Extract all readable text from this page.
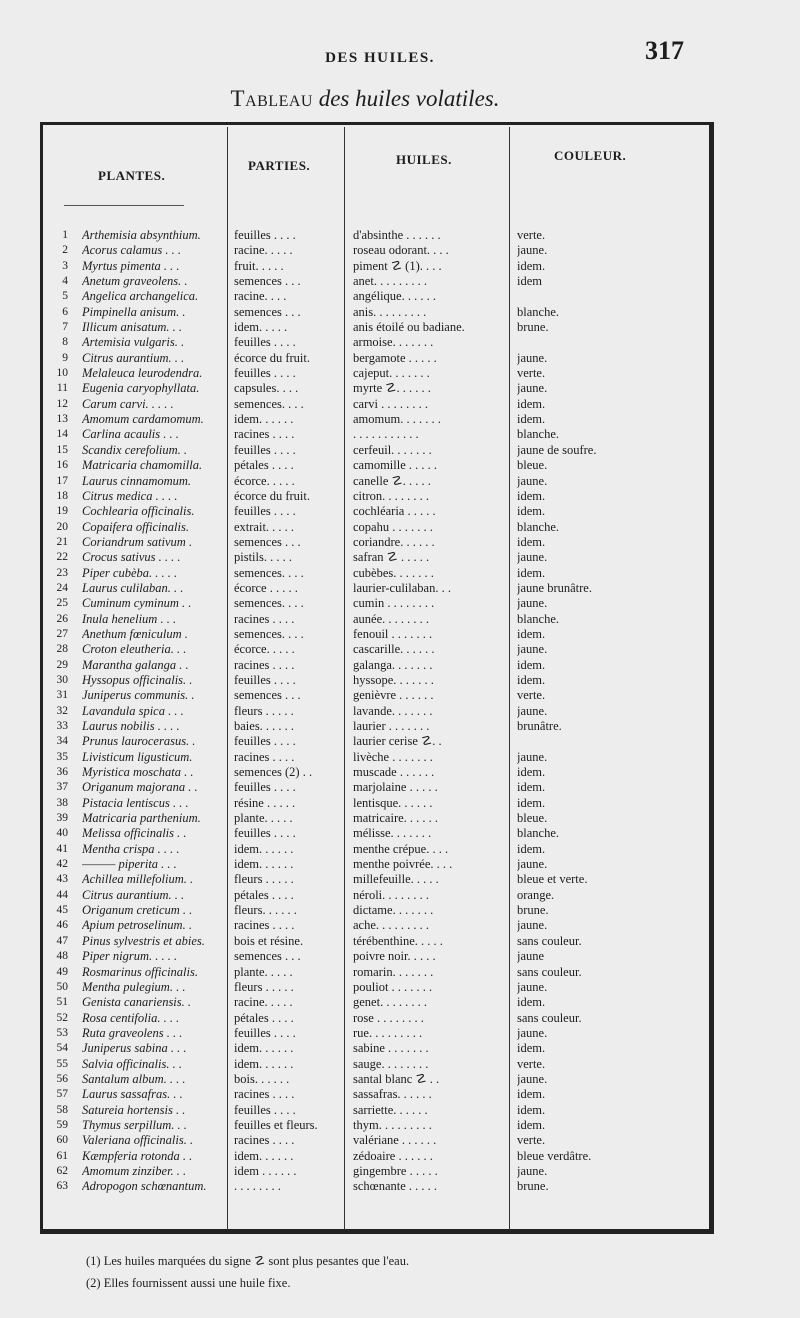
DES HUILES.	317
Tableau des huiles volatiles.
PLANTES.
PARTIES.	HUILES.	COULEUR.
1 Arthemisia absynthium.	feuilles . . . .	d'absinthe . . . . . .	verte.
2 Acorus calamus . . .	racine. . . . .	roseau odorant. . . .	jaune.
3 Myrtus pimenta . . .	fruit. . . . .	piment ☡ (1). . . .	idem.
4 Anetum graveolens. .	semences . . .	anet. . . . . . . . .	idem
5 Angelica archangelica.	racine. . . .	angélique. . . . . .
6 Pimpinella anisum. .	semences . . .	anis. . . . . . . . .	blanche.
7 Illicum anisatum. . .	idem. . . . .	anis étoilé ou badiane.	brune.
8 Artemisia vulgaris. .	feuilles . . . .	armoise. . . . . . .
9 Citrus aurantium. . .	écorce du fruit.	bergamote . . . . .	jaune.
10 Melaleuca leurodendra.	feuilles . . . .	cajeput. . . . . . .	verte.
11 Eugenia caryophyllata.	capsules. . . .	myrte ☡. . . . . .	jaune.
12 Carum carvi. . . . .	semences. . . .	carvi . . . . . . . .	idem.
13 Amomum cardamomum.	idem. . . . . .	amomum. . . . . . .	idem.
14 Carlina acaulis . . .	racines . . . .	. . . . . . . . . . .	blanche.
15 Scandix cerefolium. .	feuilles . . . .	cerfeuil. . . . . . .	jaune de soufre.
16 Matricaria chamomilla.	pétales . . . .	camomille . . . . .	bleue.
17 Laurus cinnamomum.	écorce. . . . .	canelle ☡. . . . .	jaune.
18 Citrus medica . . . .	écorce du fruit.	citron. . . . . . . .	idem.
19 Cochlearia officinalis.	feuilles . . . .	cochléaria . . . . .	idem.
20 Copaifera officinalis.	extrait. . . . .	copahu . . . . . . .	blanche.
21 Coriandrum sativum .	semences . . .	coriandre. . . . . .	idem.
22 Crocus sativus . . . .	pistils. . . . .	safran ☡ . . . . .	jaune.
23 Piper cubèba. . . . .	semences. . . .	cubèbes. . . . . . .	idem.
24 Laurus culilaban. . .	écorce . . . . .	laurier-culilaban. . .	jaune brunâtre.
25 Cuminum cyminum . .	semences. . . .	cumin . . . . . . . .	jaune.
26 Inula henelium . . .	racines . . . .	aunée. . . . . . . .	blanche.
27 Anethum fœniculum .	semences. . . .	fenouil . . . . . . .	idem.
28 Croton eleutheria. . .	écorce. . . . .	cascarille. . . . . .	jaune.
29 Marantha galanga . .	racines . . . .	galanga. . . . . . .	idem.
30 Hyssopus officinalis. .	feuilles . . . .	hyssope. . . . . . .	idem.
31 Juniperus communis. .	semences . . .	genièvre . . . . . .	verte.
32 Lavandula spica . . .	fleurs . . . . .	lavande. . . . . . .	jaune.
33 Laurus nobilis . . . .	baies. . . . . .	laurier . . . . . . .	brunâtre.
34 Prunus laurocerasus. .	feuilles . . . .	laurier cerise ☡. .
35 Livisticum ligusticum.	racines . . . .	livèche . . . . . . .	jaune.
36 Myristica moschata . .	semences (2) . .	muscade . . . . . .	idem.
37 Origanum majorana . .	feuilles . . . .	marjolaine . . . . .	idem.
38 Pistacia lentiscus . . .	résine . . . . .	lentisque. . . . . .	idem.
39 Matricaria parthenium.	plante. . . . .	matricaire. . . . . .	bleue.
40 Melissa officinalis . .	feuilles . . . .	mélisse. . . . . . .	blanche.
41 Mentha crispa . . . .	idem. . . . . .	menthe crépue. . . .	idem.
42 ——— piperita . . .	idem. . . . . .	menthe poivrée. . . .	jaune.
43 Achillea millefolium. .	fleurs . . . . .	millefeuille. . . . .	bleue et verte.
44 Citrus aurantium. . .	pétales . . . .	néroli. . . . . . . .	orange.
45 Origanum creticum . .	fleurs. . . . . .	dictame. . . . . . .	brune.
46 Apium petroselinum. .	racines . . . .	ache. . . . . . . . .	jaune.
47 Pinus sylvestris et abies.	bois et résine.	térébenthine. . . . .	sans couleur.
48 Piper nigrum. . . . .	semences . . .	poivre noir. . . . .	jaune
49 Rosmarinus officinalis.	plante. . . . .	romarin. . . . . . .	sans couleur.
50 Mentha pulegium. . .	fleurs . . . . .	pouliot . . . . . . .	jaune.
51 Genista canariensis. .	racine. . . . .	genet. . . . . . . .	idem.
52 Rosa centifolia. . . .	pétales . . . .	rose . . . . . . . .	sans couleur.
53 Ruta graveolens . . .	feuilles . . . .	rue. . . . . . . . .	jaune.
54 Juniperus sabina . . .	idem. . . . . .	sabine . . . . . . .	idem.
55 Salvia officinalis. . .	idem. . . . . .	sauge. . . . . . . .	verte.
56 Santalum album. . . .	bois. . . . . .	santal blanc ☡ . .	jaune.
57 Laurus sassafras. . .	racines . . . .	sassafras. . . . . .	idem.
58 Satureia hortensis . .	feuilles . . . .	sarriette. . . . . .	idem.
59 Thymus serpillum. . .	feuilles et fleurs.	thym. . . . . . . . .	idem.
60 Valeriana officinalis. .	racines . . . .	valériane . . . . . .	verte.
61 Kæmpferia rotonda . .	idem. . . . . .	zédoaire . . . . . .	bleue verdâtre.
62 Amomum zinziber. . .	idem . . . . . .	gingembre . . . . .	jaune.
63 Adropogon schœnantum.	. . . . . . . .	schœnante . . . . .	brune.
(1) Les huiles marquées du signe ☡ sont plus pesantes que l'eau.
(2) Elles fournissent aussi une huile fixe.
